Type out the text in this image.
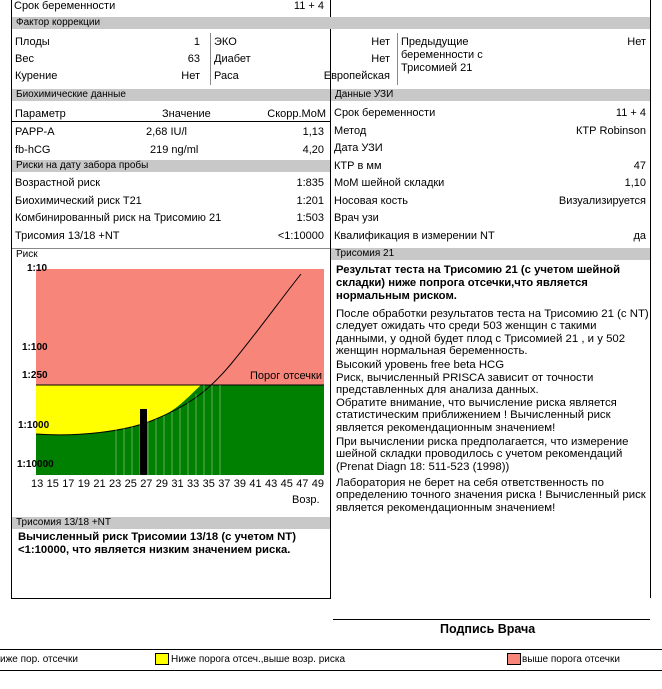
Срок беременности	11 + 4
Фактор коррекции
Плоды	1
Вес	63
Курение	Нет
ЭКО	Нет
Диабет	Нет
Раса	Европейская
Предыдущие беременности с Трисомией 21
Нет
Биохимические данные
Параметр	Значение	Скорр.MoM
PAPP-A	2,68 IU/l	1,13
fb-hCG	219 ng/ml	4,20
Риски на дату забора пробы
Возрастной риск	1:835
Биохимический риск T21	1:201
Комбинированный риск на Трисомию 21	1:503
Трисомия 13/18 +NT	<1:10000
Данные УЗИ
Срок беременности	11 + 4
Метод	КТР Robinson
Дата УЗИ
КТР в мм	47
MoM шейной складки	1,10
Носовая кость	Визуализируется
Врач узи
Квалификация в измерении NT	да
Риск
Порог отсечки
1:10
1:100
1:250
1:1000
1:10000
13 15 17 19 21 23 25 27 29 31 33 35 37 39 41 43 45 47 49
Возр.
Трисомия 21
Результат теста на Трисомию 21 (с учетом шейной складки) ниже попрога отсечки,что является нормальным риском.
После обработки результатов теста на Трисомию 21 (с NT) следует ожидать что среди 503 женщин с такими данными, у одной будет плод с Трисомией 21 , и у 502 женщин нормальная беременность.
Высокий уровень free beta HCG
Риск, вычисленный PRISCA зависит от точности представленных для анализа данных.
Обратите внимание, что вычисление риска является статистическим приближением ! Вычисленный риск является рекомендационным значением!
При вычислении риска предполагается, что измерение шейной складки проводилось с учетом рекомендаций (Prenat Diagn 18: 511-523 (1998))
Лаборатория не берет на себя ответственность по определению точного значения риска ! Вычисленный риск является рекомендационным значением!
Трисомия 13/18 +NT
Вычисленный риск Трисомии 13/18 (с учетом NT) <1:10000, что является низким значением риска.
Подпись Врача
иже пор. отсечки	Ниже порога отсеч.,выше возр. риска	выше порога отсечки
